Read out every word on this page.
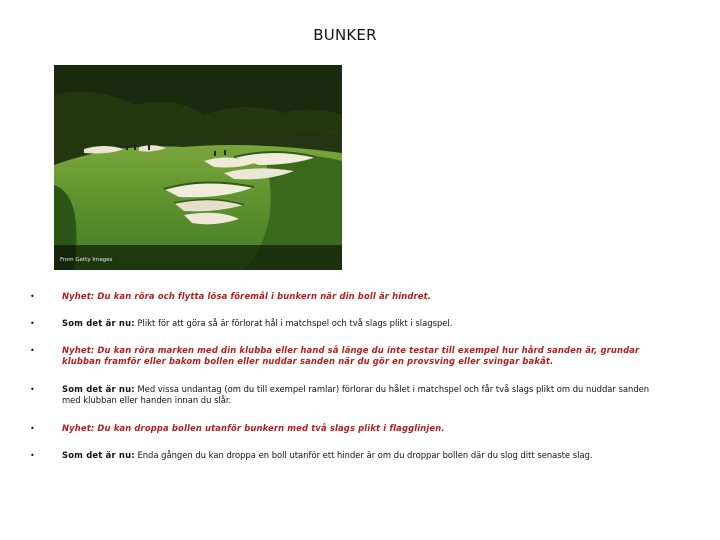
BUNKER
From Getty Images
•	Nyhet: Du kan röra och flytta lösa föremål i bunkern när din boll är hindret.
•	Som det är nu: Plikt för att göra så är förlorat hål i matchspel och två slags plikt i slagspel.
•	Nyhet: Du kan röra marken med din klubba eller hand så länge du inte testar till exempel hur hård sanden är, grundar klubban framför eller bakom bollen eller nuddar sanden när du gör en provsving eller svingar bakåt.
•	Som det är nu: Med vissa undantag (om du till exempel ramlar) förlorar du hålet i matchspel och får två slags plikt om du nuddar sanden med klubban eller handen innan du slår.
•	Nyhet: Du kan droppa bollen utanför bunkern med två slags plikt i flagglinjen.
•	Som det är nu: Enda gången du kan droppa en boll utanför ett hinder är om du droppar bollen där du slog ditt senaste slag.
